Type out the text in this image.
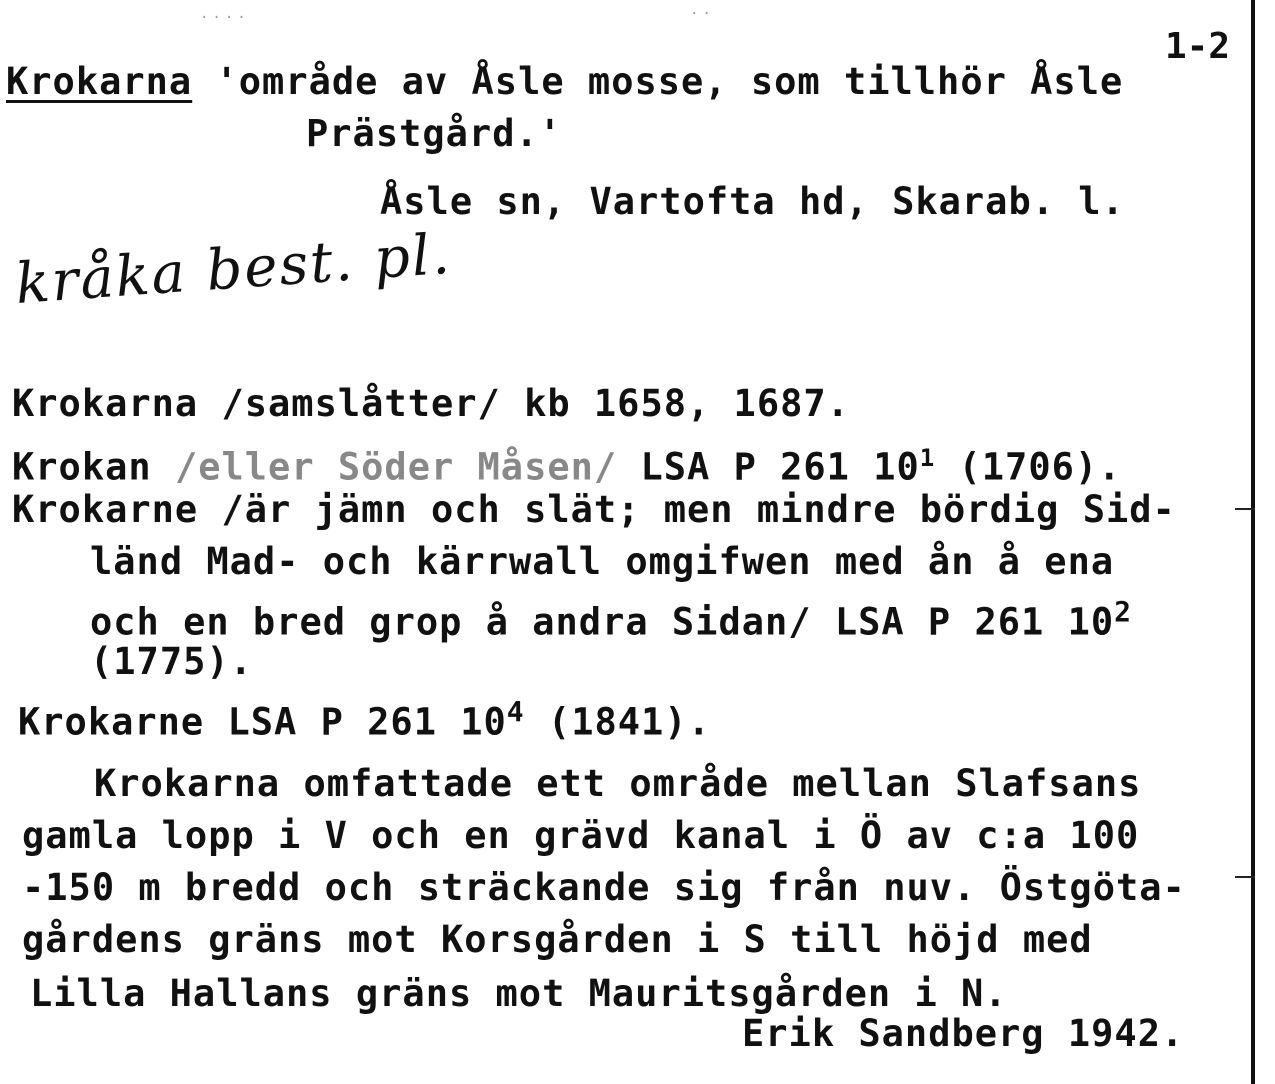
....	..
1-2
Krokarna 'område av Åsle mosse, som tillhör Åsle
Prästgård.'
Åsle sn, Vartofta hd, Skarab. l.
kråka best. pl.
Krokarna /samslåtter/ kb 1658, 1687.
Krokan /eller Söder Måsen/ LSA P 261 $10^1$ (1706).
Krokarne /är jämn och slät; men mindre bördig Sid-
länd Mad- och kärrwall omgifwen med ån å ena
och en bred grop å andra Sidan/ LSA P 261 $10^2$
(1775).
Krokarne LSA P 261 $10^4$ (1841).
Krokarna omfattade ett område mellan Slafsans
gamla lopp i V och en grävd kanal i Ö av c:a 100
-150 m bredd och sträckande sig från nuv. Östgöta-
gårdens gräns mot Korsgården i S till höjd med
Lilla Hallans gräns mot Mauritsgården i N.
Erik Sandberg 1942.
